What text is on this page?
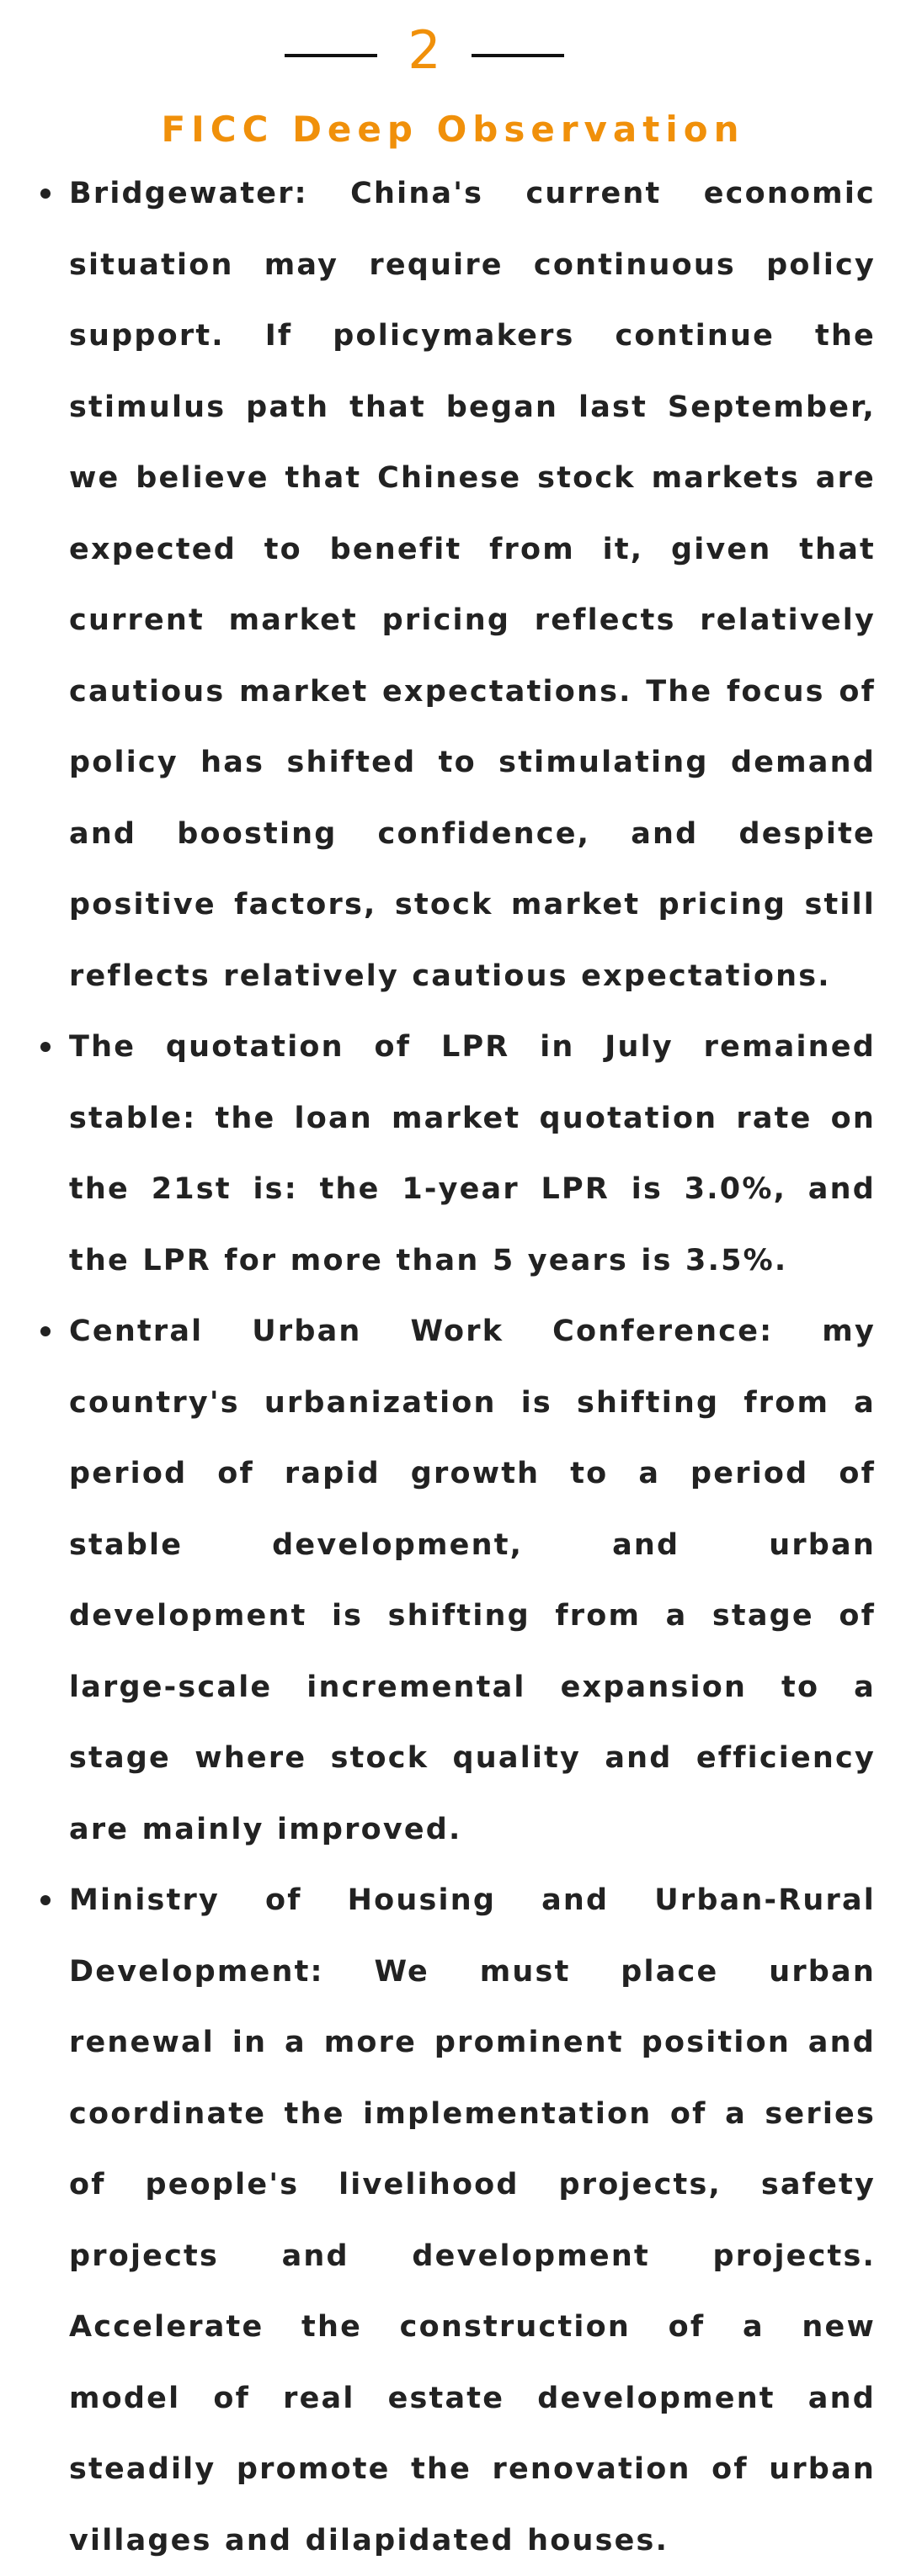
2
FICC Deep Observation
Bridgewater: China's current economic situation may require continuous policy support. If policymakers continue the stimulus path that began last September, we believe that Chinese stock markets are expected to benefit from it, given that current market pricing reflects relatively cautious market expectations. The focus of policy has shifted to stimulating demand and boosting confidence, and despite positive factors, stock market pricing still reflects relatively cautious expectations.
The quotation of LPR in July remained stable: the loan market quotation rate on the 21st is: the 1-year LPR is 3.0%, and the LPR for more than 5 years is 3.5%.
Central Urban Work Conference: my country's urbanization is shifting from a period of rapid growth to a period of stable development, and urban development is shifting from a stage of large-scale incremental expansion to a stage where stock quality and efficiency are mainly improved.
Ministry of Housing and Urban-Rural Development: We must place urban renewal in a more prominent position and coordinate the implementation of a series of people's livelihood projects, safety projects and development projects. Accelerate the construction of a new model of real estate development and steadily promote the renovation of urban villages and dilapidated houses.
